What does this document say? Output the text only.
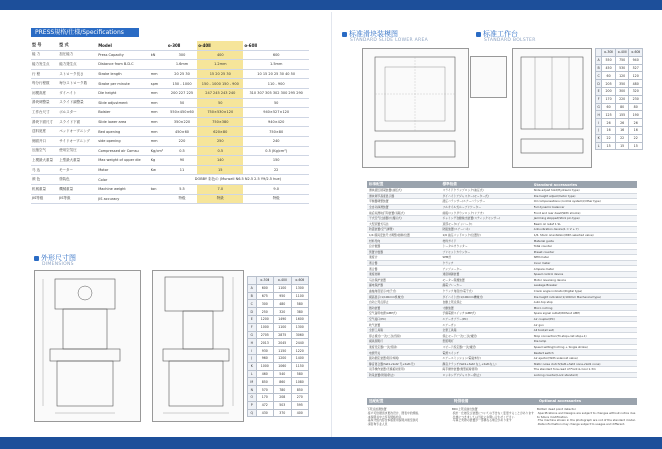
PRESS規格/仕様/Specifications
型 号	型 式	Model		o-30Ⅱ	o-40Ⅱ	o-60Ⅱ
能 力	加圧能力	Press Capacity	kN	300	400	600
能力发生点	能力発生点	Distance from B.D.C		1.6mm	1.2mm	1.5mm
行 程	ストローク長さ	Stroke length	mm	20 25 30	15 20 25 30	10 15 20 25 30 40 50
每分行程数	毎分ストローク数	Stroke per minute	spm	150 - 1000	150 - 1000 150 - 900	110 - 900
闭模高度	ダイハイト	Die height	mm	200 227 225	247 245 243 240	310 307 305 302 300 295 290
滑块调整量	スライド調整量	Slide adjustment	mm	50	50	50
工作台尺寸	ボルスター	Bolster	mm	550×450×60	750×530×120	940×527×120
滑块下面尺寸	スライド下面	Slide lower area	mm	350×220	750×380	940×420
送料宽度	ベッドオープニング	Bed opening	mm	450×60	620×80	750×80
侧面开口	サイドオープニング	side opening	mm	220	250	240
压缩空气	使用空気圧	Compressed air Comsu	Kg/cm²	0.5	0.5	0.5 (Kg/cm²)
上模最大重量	上型最大重量	Max weight of upper die	Kg	90	140	150
马 达	モーター	Motor	Kw	11	15	22
颜 色	塗装色	Color		DOBBY 彩色の (Munsell N6.5 N2.5 2.5 Y9/2.5 hue)		
机械重量	機械重量	Machine weight	ton	5.5	7.0	9.0
JIS等级	JIS等級	JIS accuracy		特级	特級	特级
外形尺寸图
DIMENSIONS
	o-30Ⅱ	o-40Ⅱ	o-60Ⅱ
A	600	1100	1300
B	675	950	1100
C	300	480	580
D	250	320	380
E	1200	1490	1600
F	1000	1100	1300
G	2705	2875	3060
H	2013	2045	2440
I	930	1150	1220
J	960	1200	1400
K	1000	1060	1150
L	460	540	580
M	850	860	1080
N	570	780	850
O	170	208	270
P	472	503	595
Q	430	370	400
标准滑块装模图
STANDARD SLIDE LOWER AREA
标准工作台
STANDARD BOLSTER
	o-30Ⅱ	o-40Ⅱ	o-60Ⅱ
A	550	750	940
B	450	530	527
C	60	120	120
D	205	350	480
E	200	300	320
F	170	220	230
G	60	80	80
H	125	155	190
I	26	26	26
J	16	16	16
K	22	22	22
L	15	15	15
标准配置	標準装備	Standard accessories
滑块液压锁紧装置(油压式)	スライドクランプロック(油圧式)	Slide adjust hold(Hydraulic type)
滑块调节高度显示器	ダイハイトアジャスター(モーター式)	Die height adjust(motor type)
平衡器调整装置	液圧バランサー/エアーバランサー	Oil compensations (control system)(Other type)
全自动润滑装置	フルオイル式ルーブリケーター	Full dynamic balancer
前后双滑块打印装置(双联式)	前後ロックダウンロック(リアカ)	Front and rear dead(With shocks)
干式空气过滤器(大搬运式)	ジャミング自動検出装置(スティックセンサー)	Jamming stopped(Stick pin type)
大型顶置式马达	顶部モータ(インバータ)	Beam oil relief 1 SL
防震装置(空气弹簧)	防振装置(エアーバネ)	Anti-vibration device(1 = V + Y)
1/4 模具安装尺寸调整/控制/位置	1/6 油圧パッドロック(位置付)	1/6. Stock orientation(With selected valve)
材料导向	材料ガイド	Material guide
总计数器	トータルカウンター	Total counter
预置计数器	プリセットカウンター	Preset counter
速度计	SPM計	SPM meter
离合器	クラッチ	Inner meter
离合器	アンプメーター	Ampere meter
速度控制	速度制御装置	Speed control device
马达保护装置	モーター保護装置	Motor reversing device
漏电保护器	漏電ブレーカー	Leakage Breaker
曲轴角度显示(电子式)	クランク角度計(電子式)	Crank angle indicator(Digital type)
模高显示(1/100mm机械式)	ダイハイト計(1/100mm機械式)	Die height indicator(1/100mm Mechanical type)
自动上死点停止	自動上死点停止	Auto top stop
微动装置	寸動装置	Micro inching
空气备用电源(AMP式)	予備電源スイッチ(AMP式)	Spare signal outlet(Without AMP)
空气接口(PC)	エアーカプラー(PC)	Air coupler(PC)
吹气装置	エアーガン	Air gun
全套工具箱	全套工具箱	All tool(all set)
停止模式(一次/二次/连续)	停止モード(一次/二次/連続)	Stop connection(Tri-stop+1st stop+1)
模具照明灯	型照明灯	Die lamp
速度设定器(一次/连续)	スピード設定器(一次/連続)	Speed setting(Inching + Single stroke)
电源开关	電源スイッチ	Restart switch
振动测定装置(附冷却阀)	エアーエミッション(電磁弁付)	Air ejector(With solenoid valve)
静音离合器(Sst1+Sst2 无+Sst1无)	静音クラッチ(Sst1+Sst2 なし+Sst1なし)	Static noise clutch(Sst1+Sst2 none+Sst1 none)
双手操作装置(无模板时使用)	両手操作装置(無型板時使用)	The standard fore-read of Front & Cool 1.3m
防呆装置(防错/防止)	ロッキングアジャスター(防止)	Locking counter(Lock standard)
选配配置	特別装備	Optional accessories
下死点检测装置
·客户可依据需求更改设计、图表中的规格、
·本说明书中之所有规格均以
·基本介绍内容含本版使用说明并须至我司
·请咨询专业人员
BDC上死点検出装置
·設計・仕様及び装置についての予告なく変更することがあります
·仕様につきましては当社にお問い合わせください
·写真と実際の装置が一部異なる場合があります
Bottom dead point detector
·Specifications and Designs are subject to changes without notice due to future modification.
·The machine shown in the photograph are not of the standard model.
·Data information may change subject to usages and different.
